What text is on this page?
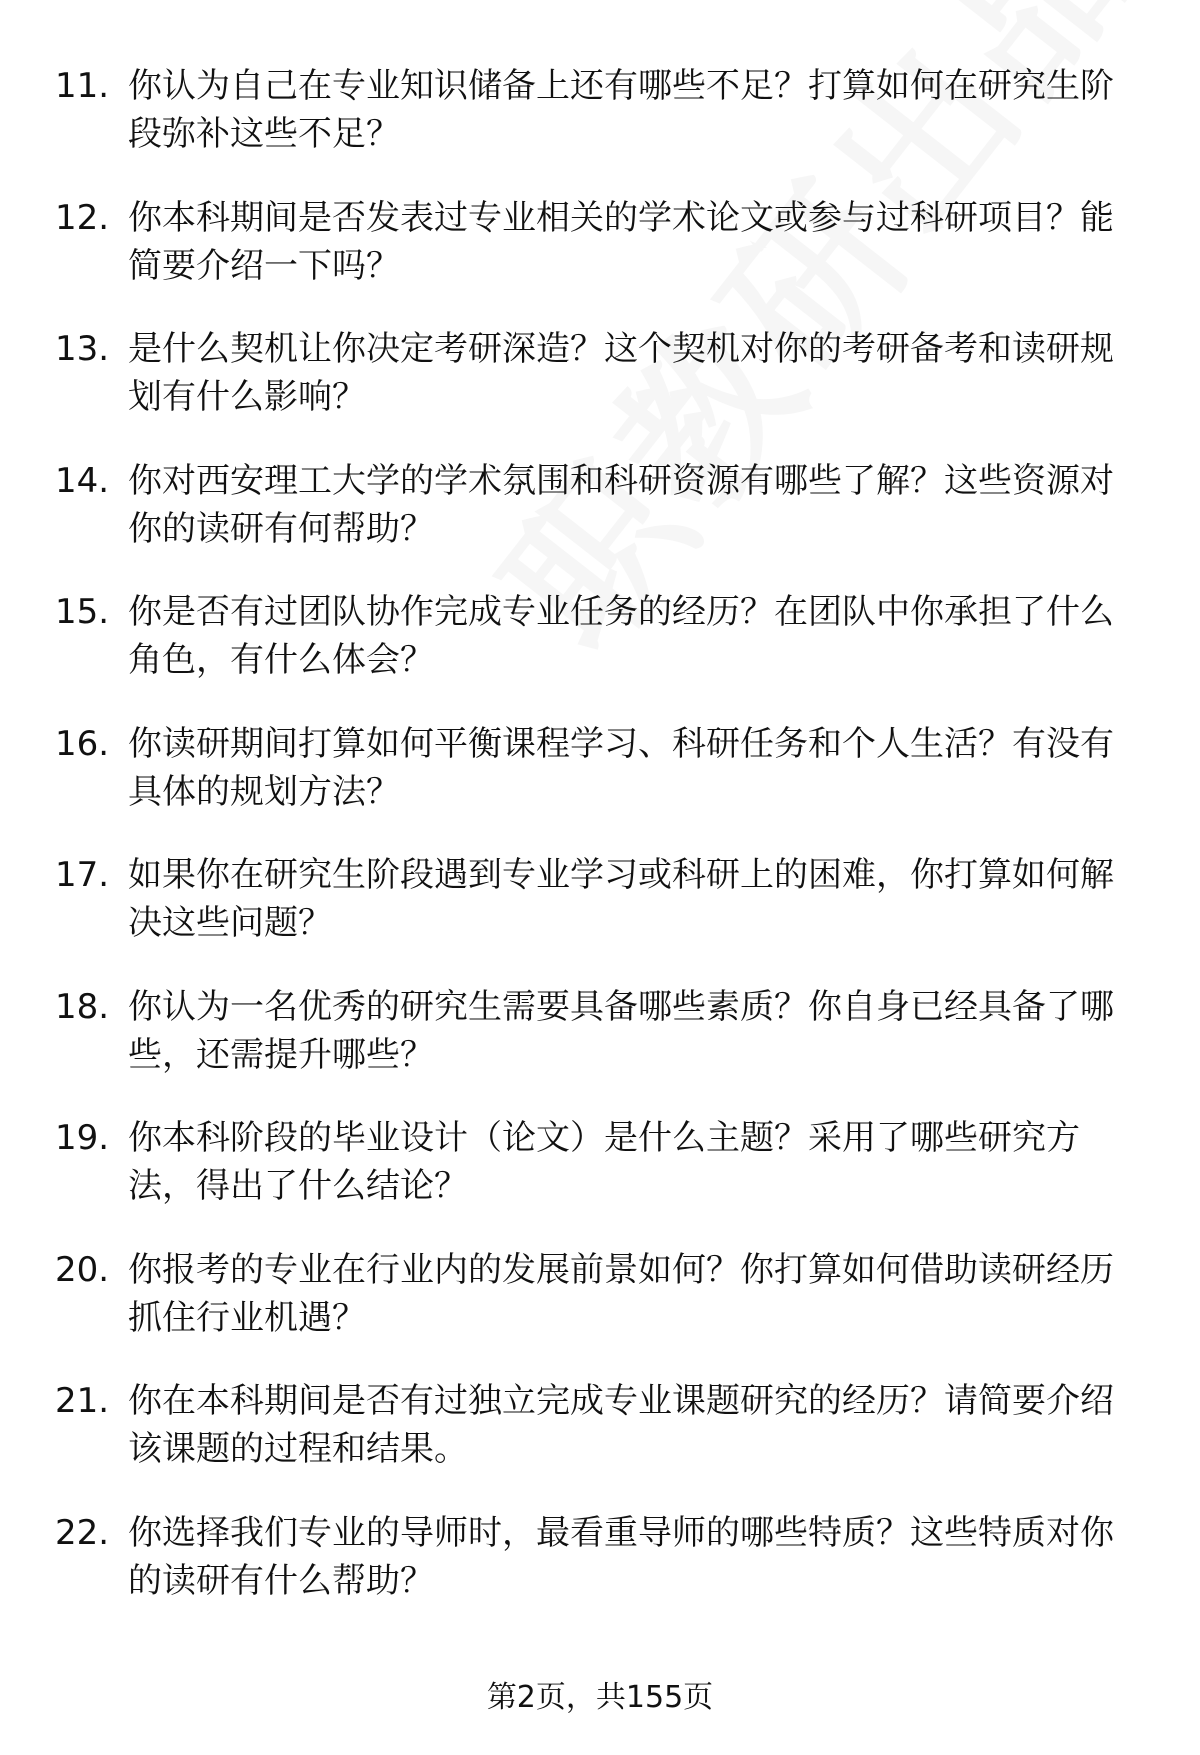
11. 你认为自己在专业知识储备上还有哪些不足？打算如何在研究生阶段弥补这些不足？
12. 你本科期间是否发表过专业相关的学术论文或参与过科研项目？能简要介绍一下吗？
13. 是什么契机让你决定考研深造？这个契机对你的考研备考和读研规划有什么影响？
14. 你对西安理工大学的学术氛围和科研资源有哪些了解？这些资源对你的读研有何帮助？
15. 你是否有过团队协作完成专业任务的经历？在团队中你承担了什么角色，有什么体会？
16. 你读研期间打算如何平衡课程学习、科研任务和个人生活？有没有具体的规划方法？
17. 如果你在研究生阶段遇到专业学习或科研上的困难，你打算如何解决这些问题？
18. 你认为一名优秀的研究生需要具备哪些素质？你自身已经具备了哪些，还需提升哪些？
19. 你本科阶段的毕业设计（论文）是什么主题？采用了哪些研究方法，得出了什么结论？
20. 你报考的专业在行业内的发展前景如何？你打算如何借助读研经历抓住行业机遇？
21. 你在本科期间是否有过独立完成专业课题研究的经历？请简要介绍该课题的过程和结果。
22. 你选择我们专业的导师时，最看重导师的哪些特质？这些特质对你的读研有什么帮助？
第2页，共155页
